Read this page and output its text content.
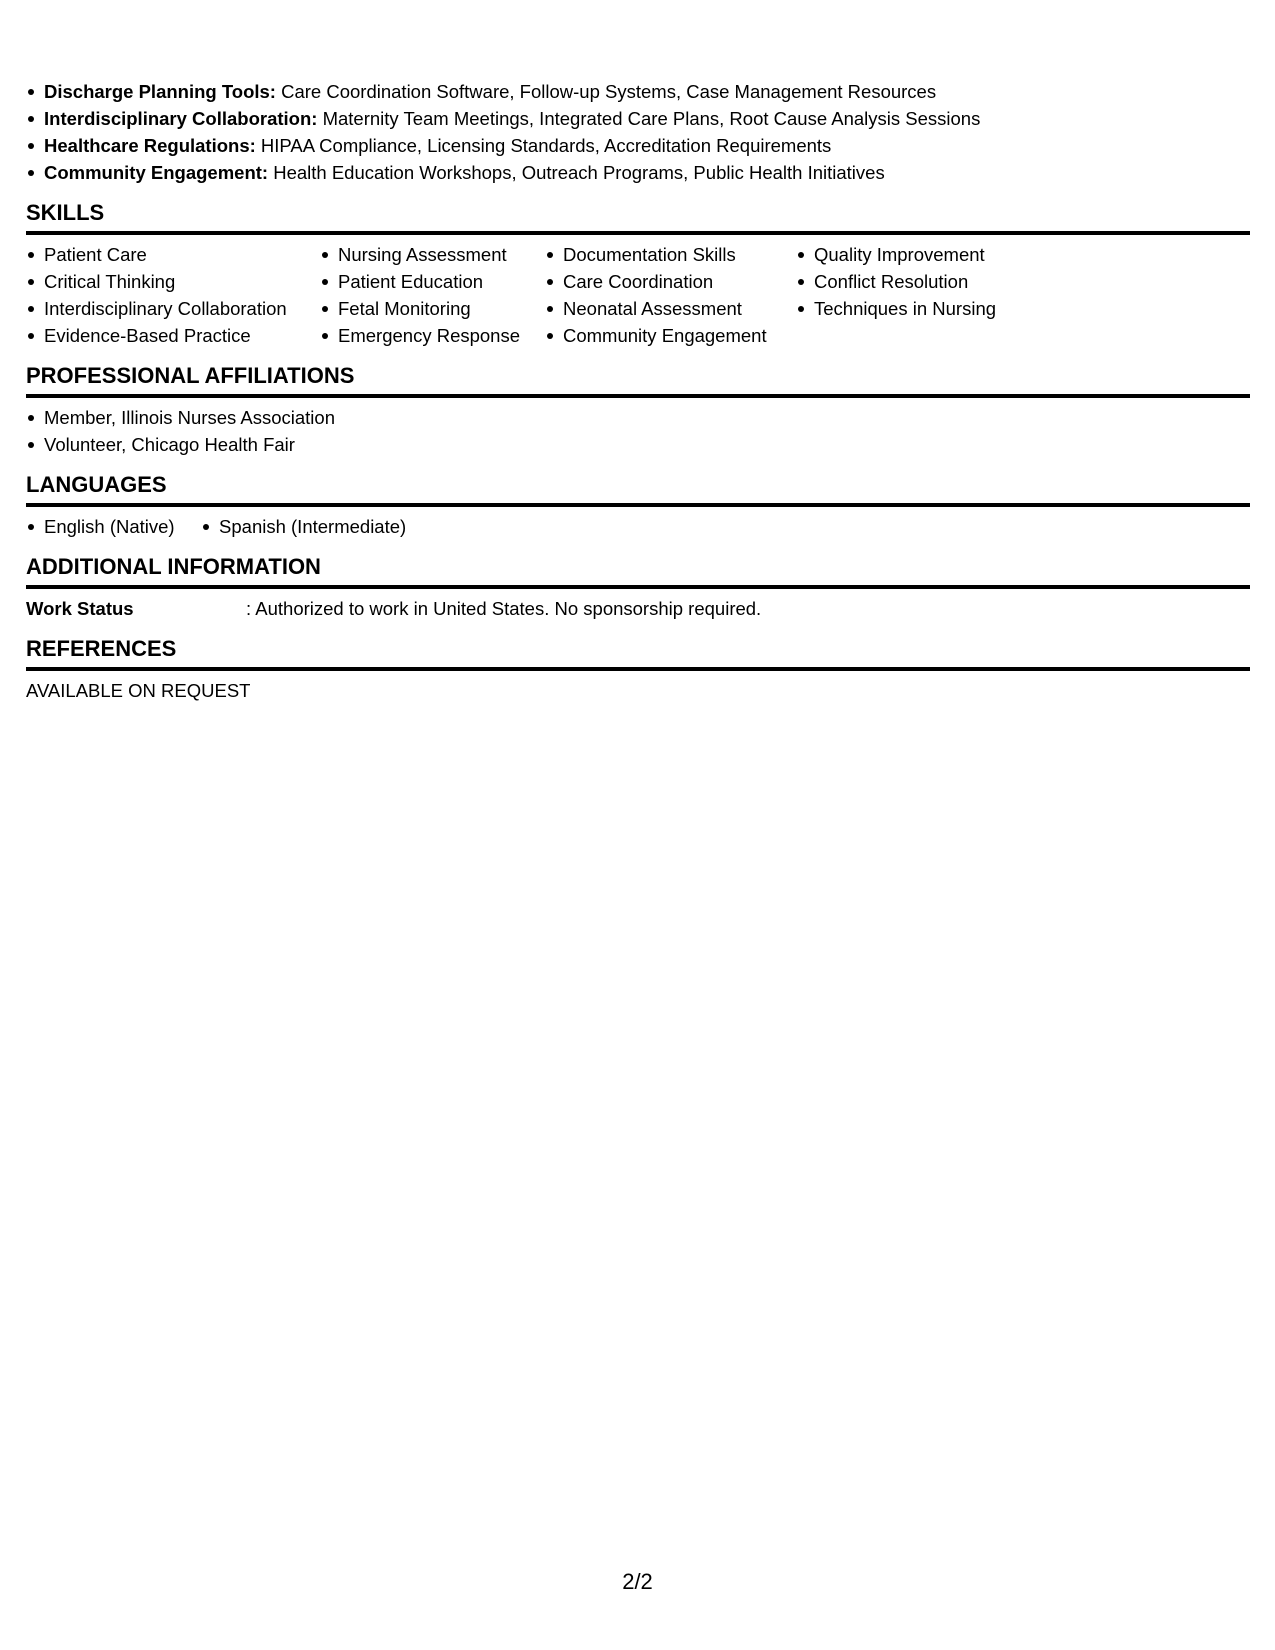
Discharge Planning Tools: Care Coordination Software, Follow-up Systems, Case Management Resources
Interdisciplinary Collaboration: Maternity Team Meetings, Integrated Care Plans, Root Cause Analysis Sessions
Healthcare Regulations: HIPAA Compliance, Licensing Standards, Accreditation Requirements
Community Engagement: Health Education Workshops, Outreach Programs, Public Health Initiatives
SKILLS
Patient Care
Critical Thinking
Interdisciplinary Collaboration
Evidence-Based Practice
Nursing Assessment
Patient Education
Fetal Monitoring
Emergency Response
Documentation Skills
Care Coordination
Neonatal Assessment
Community Engagement
Quality Improvement
Conflict Resolution
Techniques in Nursing
PROFESSIONAL AFFILIATIONS
Member, Illinois Nurses Association
Volunteer, Chicago Health Fair
LANGUAGES
English (Native) Spanish (Intermediate)
ADDITIONAL INFORMATION
Work Status	: Authorized to work in United States. No sponsorship required.
REFERENCES
AVAILABLE ON REQUEST
2/2
